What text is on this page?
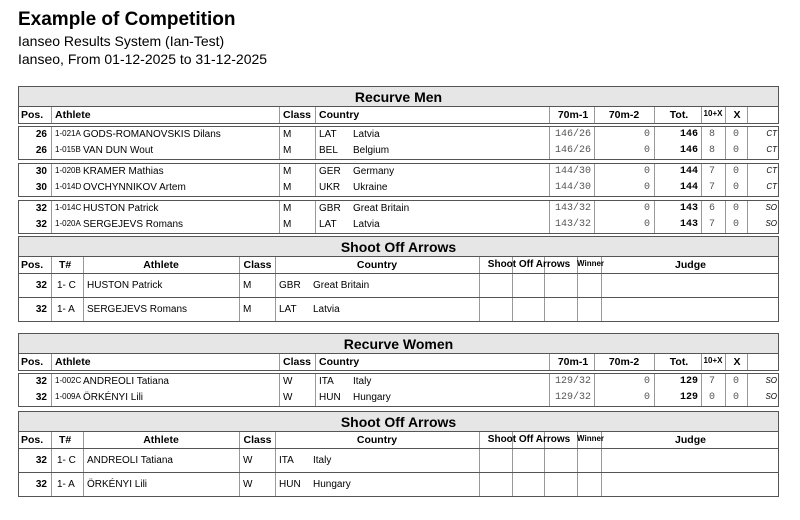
Example of Competition
Ianseo Results System (Ian-Test)
Ianseo, From 01-12-2025 to 31-12-2025
Recurve Men
Pos. Athlete	Class Country	70m-1	70m-2	Tot.	10+X	X
26 1-021A GODS-ROMANOVSKIS Dilans	M	LAT Latvia	146/26	0	146	8	0	CT
26 1-015B VAN DUN Wout	M	BEL Belgium	146/26	0	146	8	0	CT
30 1-020B KRAMER Mathias	M	GER Germany	144/30	0	144	7	0	CT
30 1-014D OVCHYNNIKOV Artem	M	UKR Ukraine	144/30	0	144	7	0	CT
32 1-014C HUSTON Patrick	M	GBR Great Britain	143/32	0	143	6	0	SO
32 1-020A SERGEJEVS Romans	M	LAT Latvia	143/32	0	143	7	0	SO
Shoot Off Arrows
Pos. T#	Athlete	Class	Country	Shoot Off Arrows Winner	Judge
32 1- C HUSTON Patrick	M	GBR Great Britain
32 1- A SERGEJEVS Romans	M	LAT Latvia
Recurve Women
Pos. Athlete	Class Country	70m-1	70m-2	Tot.	10+X	X
32 1-002C ANDREOLI Tatiana	W	ITA Italy	129/32	0	129	7	0	SO
32 1-009A ÖRKÉNYI Lili	W	HUN Hungary	129/32	0	129	0	0	SO
Shoot Off Arrows
Pos. T#	Athlete	Class	Country	Shoot Off Arrows Winner	Judge
32 1- C ANDREOLI Tatiana	W	ITA Italy
32 1- A ÖRKÉNYI Lili	W	HUN Hungary
